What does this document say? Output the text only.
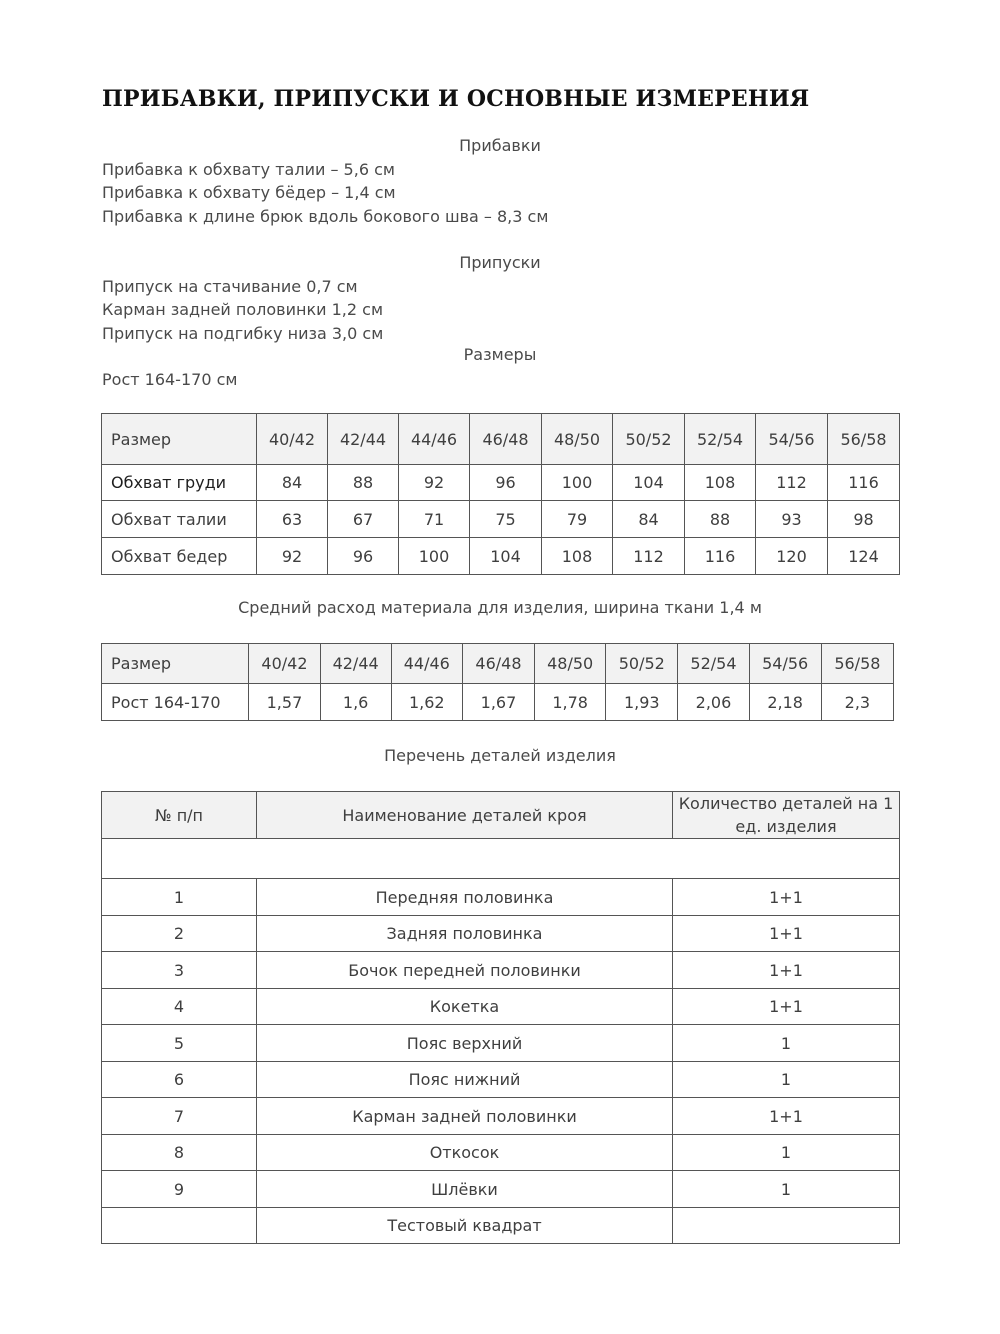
ПРИБАВКИ, ПРИПУСКИ И ОСНОВНЫЕ ИЗМЕРЕНИЯ
Прибавки
Прибавка к обхвату талии – 5,6 см
Прибавка к обхвату бёдер – 1,4 см
Прибавка к длине брюк вдоль бокового шва – 8,3 см
Припуски
Припуск на стачивание 0,7 см
Карман задней половинки 1,2 см
Припуск на подгибку низа 3,0 см
Размеры
Рост 164-170 см
Размер	40/42	42/44	44/46	46/48	48/50	50/52	52/54	54/56	56/58
Обхват груди	84	88	92	96	100	104	108	112	116
Обхват талии	63	67	71	75	79	84	88	93	98
Обхват бедер	92	96	100	104	108	112	116	120	124
Средний расход материала для изделия, ширина ткани 1,4 м
Размер	40/42	42/44	44/46	46/48	48/50	50/52	52/54	54/56	56/58
Рост 164-170	1,57	1,6	1,62	1,67	1,78	1,93	2,06	2,18	2,3
Перечень деталей изделия
№ п/п	Наименование деталей кроя	Количество деталей на 1 ед. изделия

1	Передняя половинка	1+1
2	Задняя половинка	1+1
3	Бочок передней половинки	1+1
4	Кокетка	1+1
5	Пояс верхний	1
6	Пояс нижний	1
7	Карман задней половинки	1+1
8	Откосок	1
9	Шлёвки	1
	Тестовый квадрат	
